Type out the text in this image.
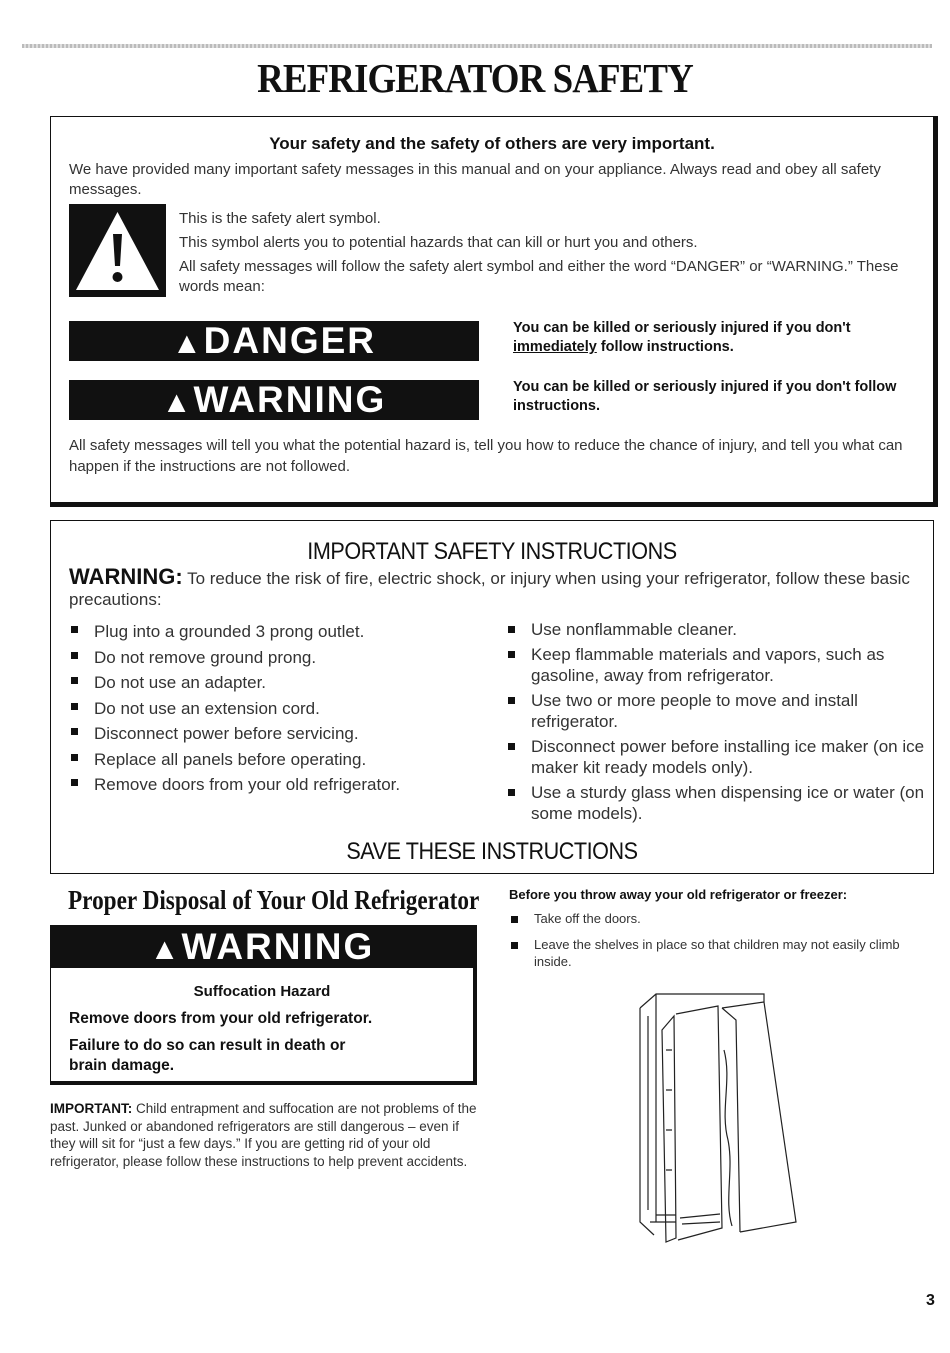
REFRIGERATOR SAFETY
Your safety and the safety of others are very important.
We have provided many important safety messages in this manual and on your appliance. Always read and obey all safety messages.
This is the safety alert symbol.
This symbol alerts you to potential hazards that can kill or hurt you and others.
All safety messages will follow the safety alert symbol and either the word “DANGER” or “WARNING.” These words mean:
▲DANGER	You can be killed or seriously injured if you don't immediately follow instructions.
▲WARNING	You can be killed or seriously injured if you don't follow instructions.
All safety messages will tell you what the potential hazard is, tell you how to reduce the chance of injury, and tell you what can happen if the instructions are not followed.
IMPORTANT SAFETY INSTRUCTIONS
WARNING: To reduce the risk of fire, electric shock, or injury when using your refrigerator, follow these basic precautions:
Plug into a grounded 3 prong outlet.
Do not remove ground prong.
Do not use an adapter.
Do not use an extension cord.
Disconnect power before servicing.
Replace all panels before operating.
Remove doors from your old refrigerator.
Use nonflammable cleaner.
Keep flammable materials and vapors, such as gasoline, away from refrigerator.
Use two or more people to move and install refrigerator.
Disconnect power before installing ice maker (on ice maker kit ready models only).
Use a sturdy glass when dispensing ice or water (on some models).
SAVE THESE INSTRUCTIONS
Proper Disposal of Your Old Refrigerator
▲WARNING
Suffocation Hazard
Remove doors from your old refrigerator.
Failure to do so can result in death or brain damage.
IMPORTANT: Child entrapment and suffocation are not problems of the past. Junked or abandoned refrigerators are still dangerous – even if they will sit for “just a few days.” If you are getting rid of your old refrigerator, please follow these instructions to help prevent accidents.
Before you throw away your old refrigerator or freezer:
Take off the doors.
Leave the shelves in place so that children may not easily climb inside.
3
